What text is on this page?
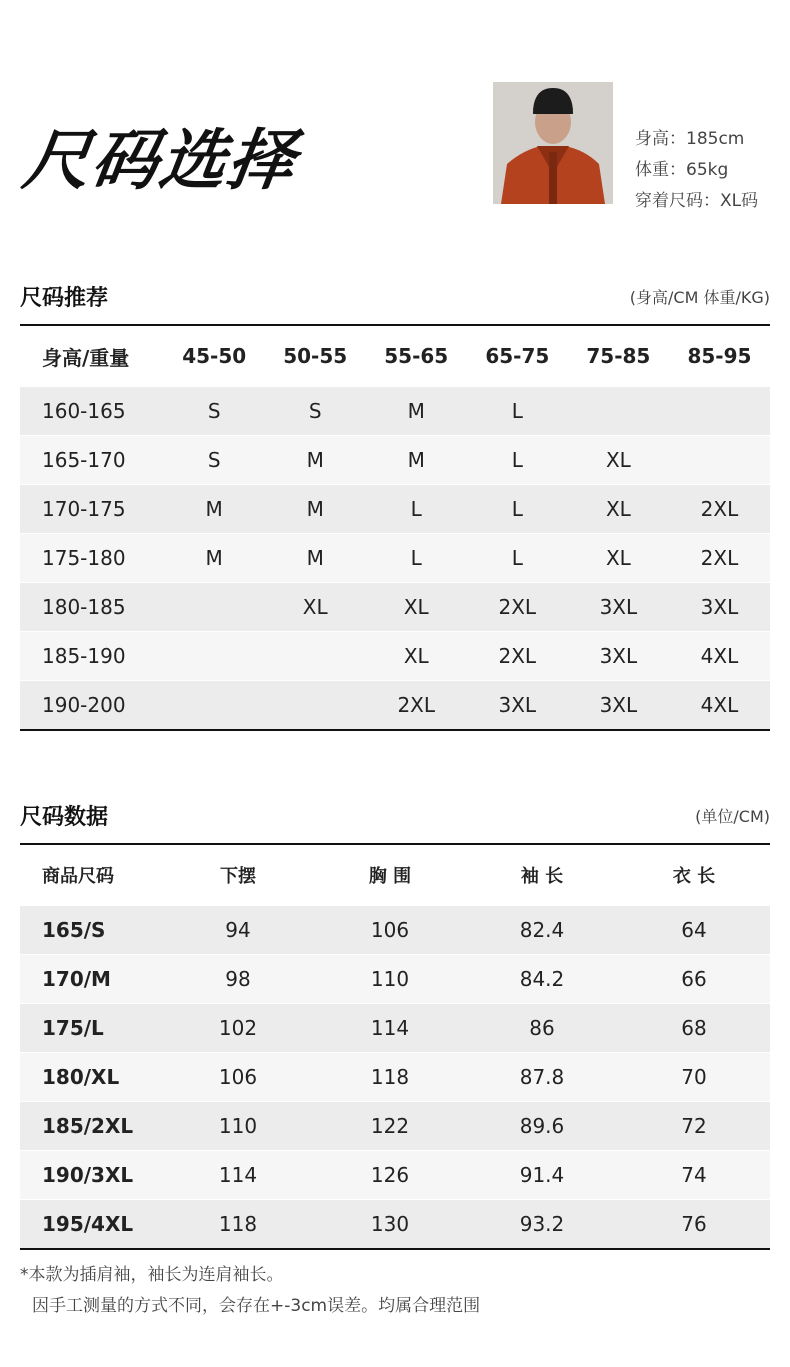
尺码选择	身高：185cm
体重：65kg
穿着尺码：XL码
尺码推荐	(身高/CM 体重/KG)
身高/重量	45-50	50-55	55-65	65-75	75-85	85-95
160-165	S	S	M	L		
165-170	S	M	M	L	XL	
170-175	M	M	L	L	XL	2XL
175-180	M	M	L	L	XL	2XL
180-185		XL	XL	2XL	3XL	3XL
185-190			XL	2XL	3XL	4XL
190-200			2XL	3XL	3XL	4XL
尺码数据	(单位/CM)
商品尺码	下摆	胸 围	袖 长	衣 长
165/S	94	106	82.4	64
170/M	98	110	84.2	66
175/L	102	114	86	68
180/XL	106	118	87.8	70
185/2XL	110	122	89.6	72
190/3XL	114	126	91.4	74
195/4XL	118	130	93.2	76
*本款为插肩袖，袖长为连肩袖长。
因手工测量的方式不同，会存在+-3cm误差。均属合理范围
